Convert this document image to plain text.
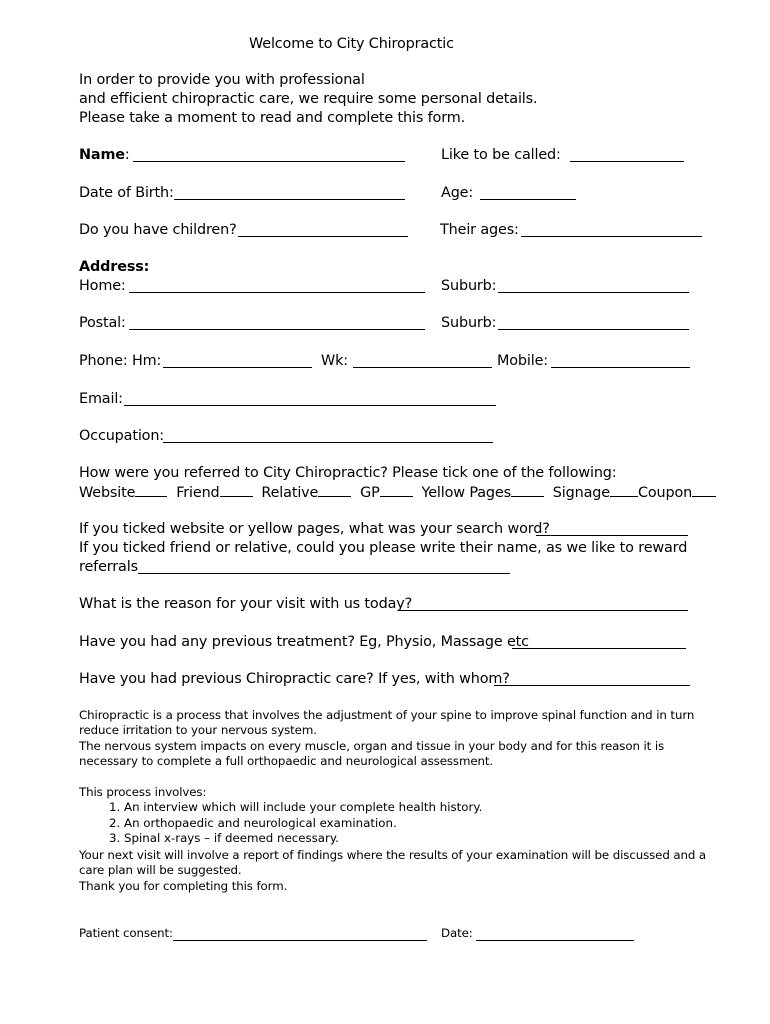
Welcome to City Chiropractic
In order to provide you with professional
and efficient chiropractic care, we require some personal details.
Please take a moment to read and complete this form.
Name:	Like to be called:
Date of Birth:	Age:
Do you have children?	Their ages:
Address:
Home:	Suburb:
Postal:	Suburb:
Phone: Hm:	Wk:	Mobile:
Email:
Occupation:
How were you referred to City Chiropractic? Please tick one of the following:
Website	Friend	Relative	GP	Yellow Pages	Signage Coupon
If you ticked website or yellow pages, what was your search word?
If you ticked friend or relative, could you please write their name, as we like to reward
referrals
What is the reason for your visit with us today?
Have you had any previous treatment? Eg, Physio, Massage etc
Have you had previous Chiropractic care? If yes, with whom?
Chiropractic is a process that involves the adjustment of your spine to improve spinal function and in turn
reduce irritation to your nervous system.
The nervous system impacts on every muscle, organ and tissue in your body and for this reason it is
necessary to complete a full orthopaedic and neurological assessment.
This process involves:
1. An interview which will include your complete health history.
2. An orthopaedic and neurological examination.
3. Spinal x-rays – if deemed necessary.
Your next visit will involve a report of findings where the results of your examination will be discussed and a
care plan will be suggested.
Thank you for completing this form.
Patient consent:	Date:
